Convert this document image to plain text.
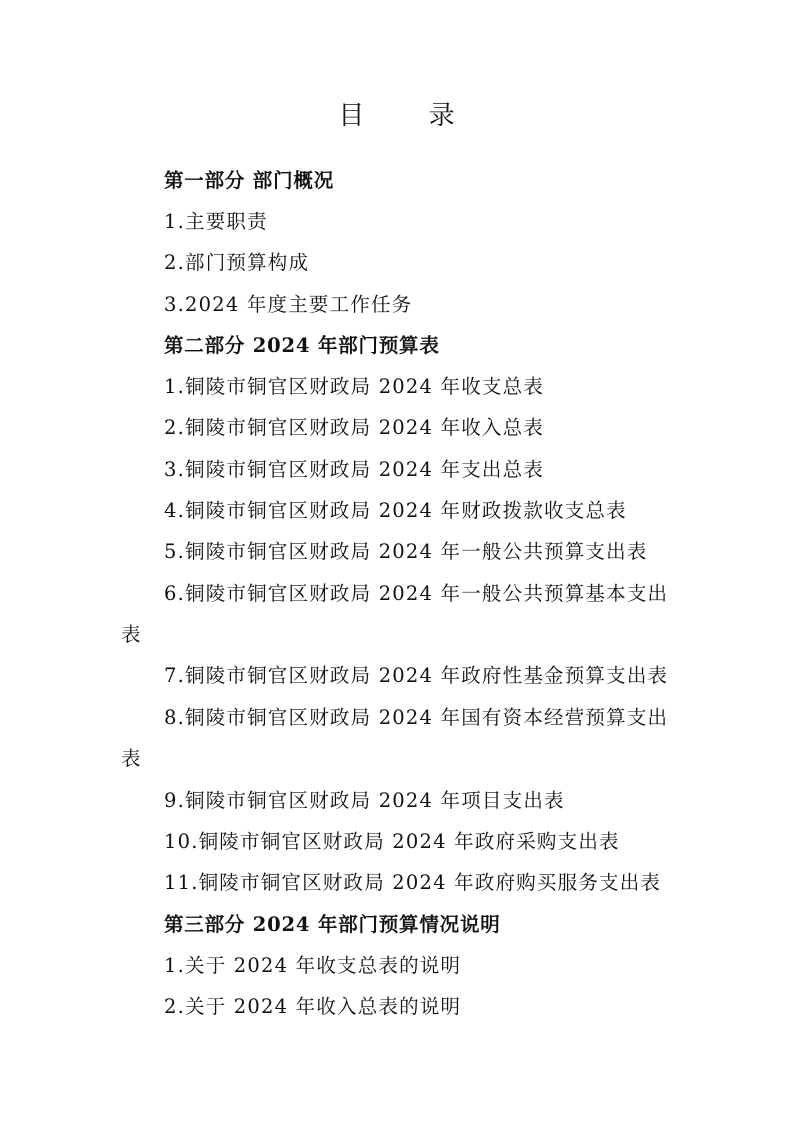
目 录
第一部分 部门概况
1.主要职责
2.部门预算构成
3.2024 年度主要工作任务
第二部分 2024 年部门预算表
1.铜陵市铜官区财政局 2024 年收支总表
2.铜陵市铜官区财政局 2024 年收入总表
3.铜陵市铜官区财政局 2024 年支出总表
4.铜陵市铜官区财政局 2024 年财政拨款收支总表
5.铜陵市铜官区财政局 2024 年一般公共预算支出表
6.铜陵市铜官区财政局 2024 年一般公共预算基本支出
表
7.铜陵市铜官区财政局 2024 年政府性基金预算支出表
8.铜陵市铜官区财政局 2024 年国有资本经营预算支出
表
9.铜陵市铜官区财政局 2024 年项目支出表
10.铜陵市铜官区财政局 2024 年政府采购支出表
11.铜陵市铜官区财政局 2024 年政府购买服务支出表
第三部分 2024 年部门预算情况说明
1.关于 2024 年收支总表的说明
2.关于 2024 年收入总表的说明
